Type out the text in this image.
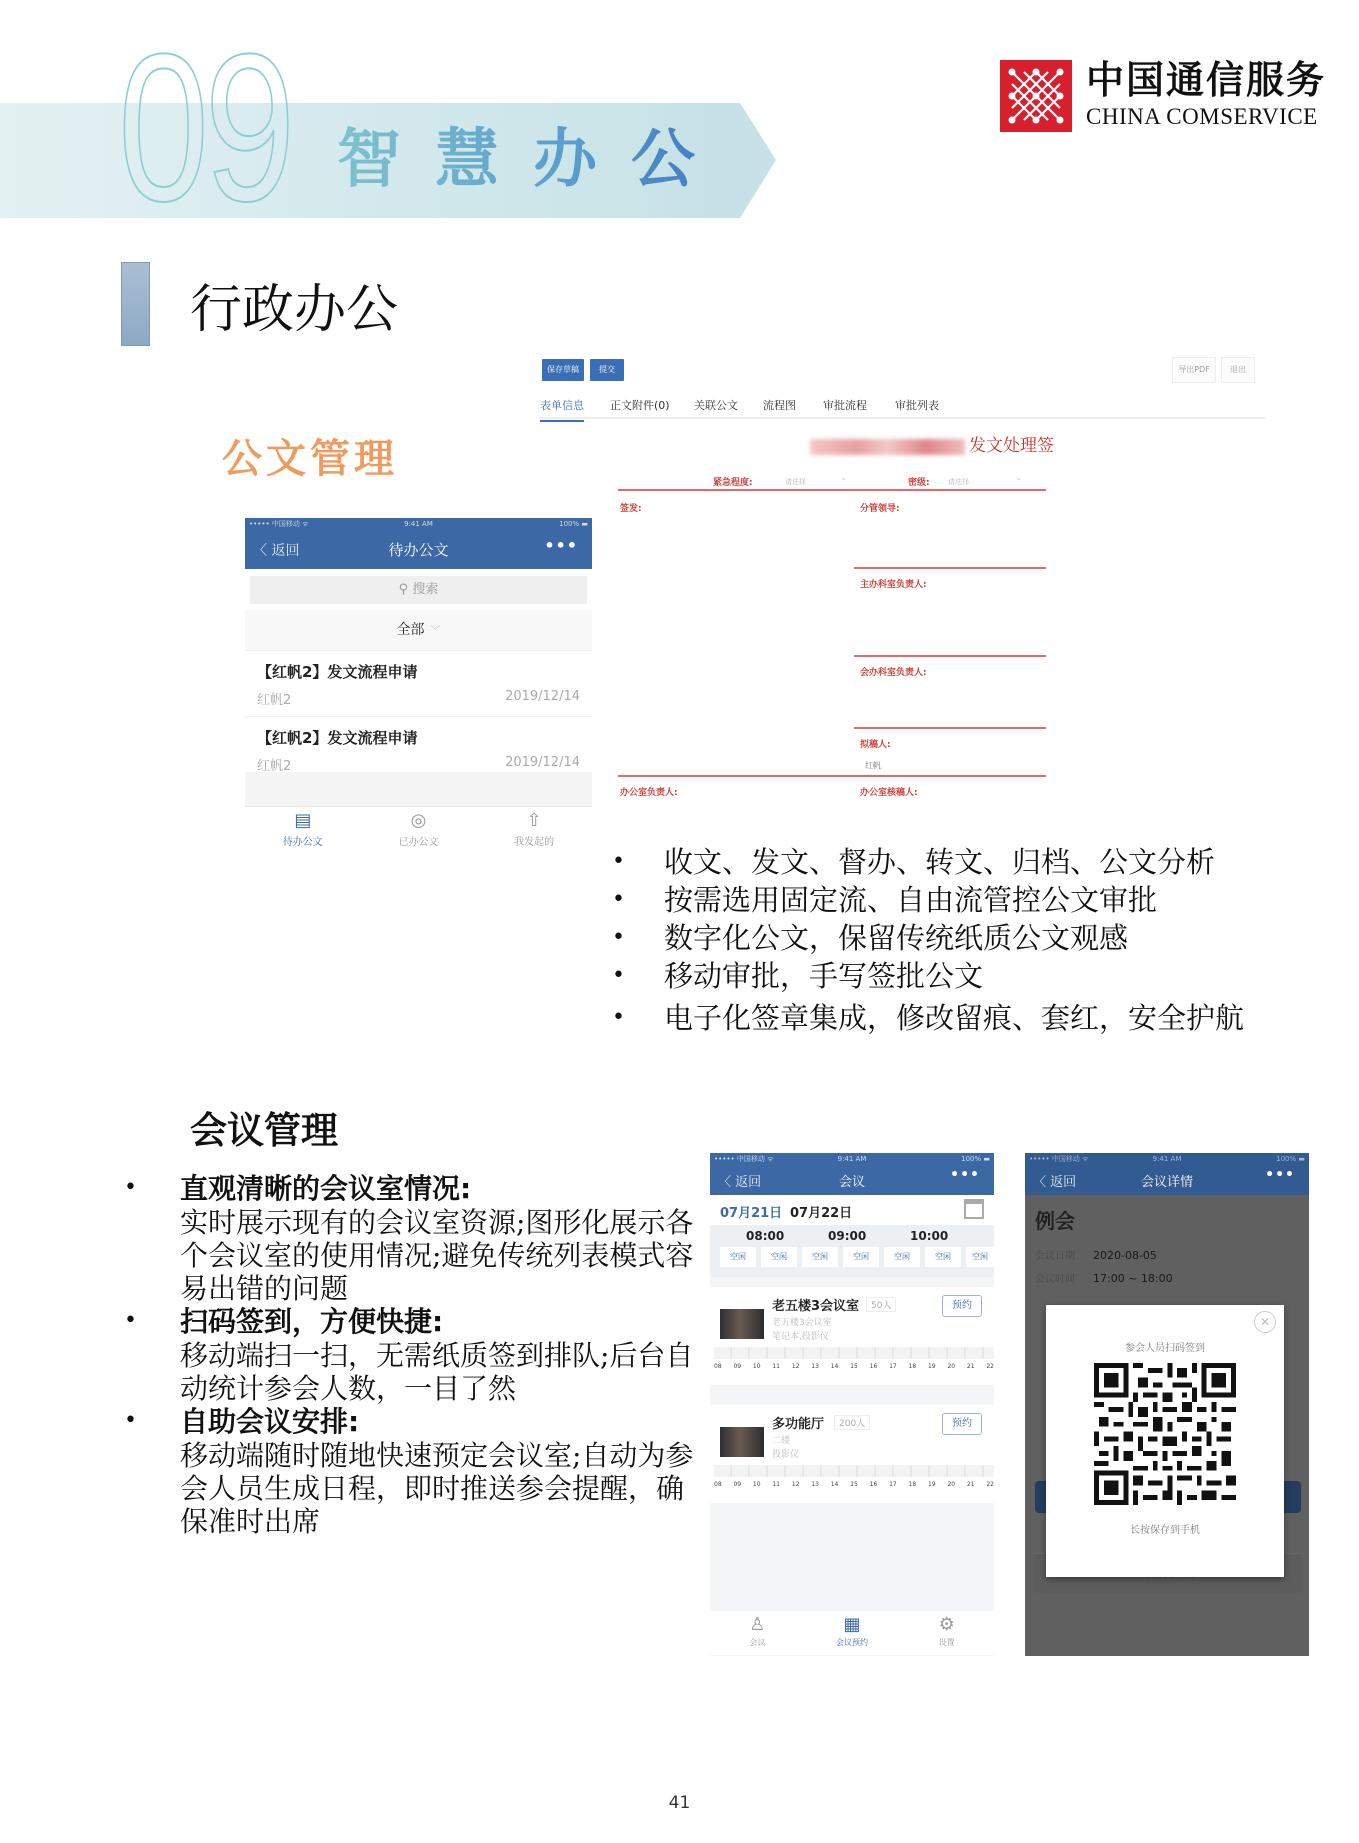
09 智慧办公
中国通信服务
CHINA COMSERVICE
行政办公
公文管理
保存草稿	提交	导出PDF	退出
表单信息 正文附件(0) 关联公文 流程图 审批流程	审批列表
发文处理签
紧急程度:	请选择	⌄	密级:	请选择	⌄
签发:	分管领导:
主办科室负责人:
会办科室负责人:
拟稿人:
红帆
办公室负责人:	办公室核稿人:
••••• 中国移动 ᯤ	9:41 AM	100% ▬
〈 返回	待办公文	•••
⚲ 搜索
全部 ﹀
【红帆2】发文流程申请
红帆2	2019/12/14
【红帆2】发文流程申请
红帆2	2019/12/14
▤
待办公文
◎
已办公文
⇧
我发起的
• 收文、发文、督办、转文、归档、公文分析
• 按需选用固定流、自由流管控公文审批
• 数字化公文，保留传统纸质公文观感
• 移动审批，手写签批公文
• 电子化签章集成，修改留痕、套红，安全护航
会议管理
• 直观清晰的会议室情况:
实时展示现有的会议室资源;图形化展示各个会议室的使用情况;避免传统列表模式容易出错的问题
• 扫码签到，方便快捷:
移动端扫一扫，无需纸质签到排队;后台自动统计参会人数，一目了然
• 自助会议安排:
移动端随时随地快速预定会议室;自动为参会人员生成日程，即时推送参会提醒，确保准时出席
••••• 中国移动 ᯤ	9:41 AM	100% ▬
〈 返回	会议	•••
07月21日 07月22日
08:00	09:00	10:00
空闲	空闲	空闲	空闲	空闲	空闲	空闲
老五楼3会议室	50人
老五楼3会议室
笔记本,投影仪
预约
08 09 10 11 12 13 14 15 16 17 18 19 20 21 22
多功能厅	200人
二楼
投影仪
预约
08 09 10 11 12 13 14 15 16 17 18 19 20 21 22
♙
会议
▦
会议预约
⚙
设置
••••• 中国移动 ᯤ	9:41 AM	100% ▬
〈 返回	会议详情	•••
例会
会议日期 2020-08-05
会议时间 17:00 ~ 18:00
✕
参会人员扫码签到
长按保存到手机
41
